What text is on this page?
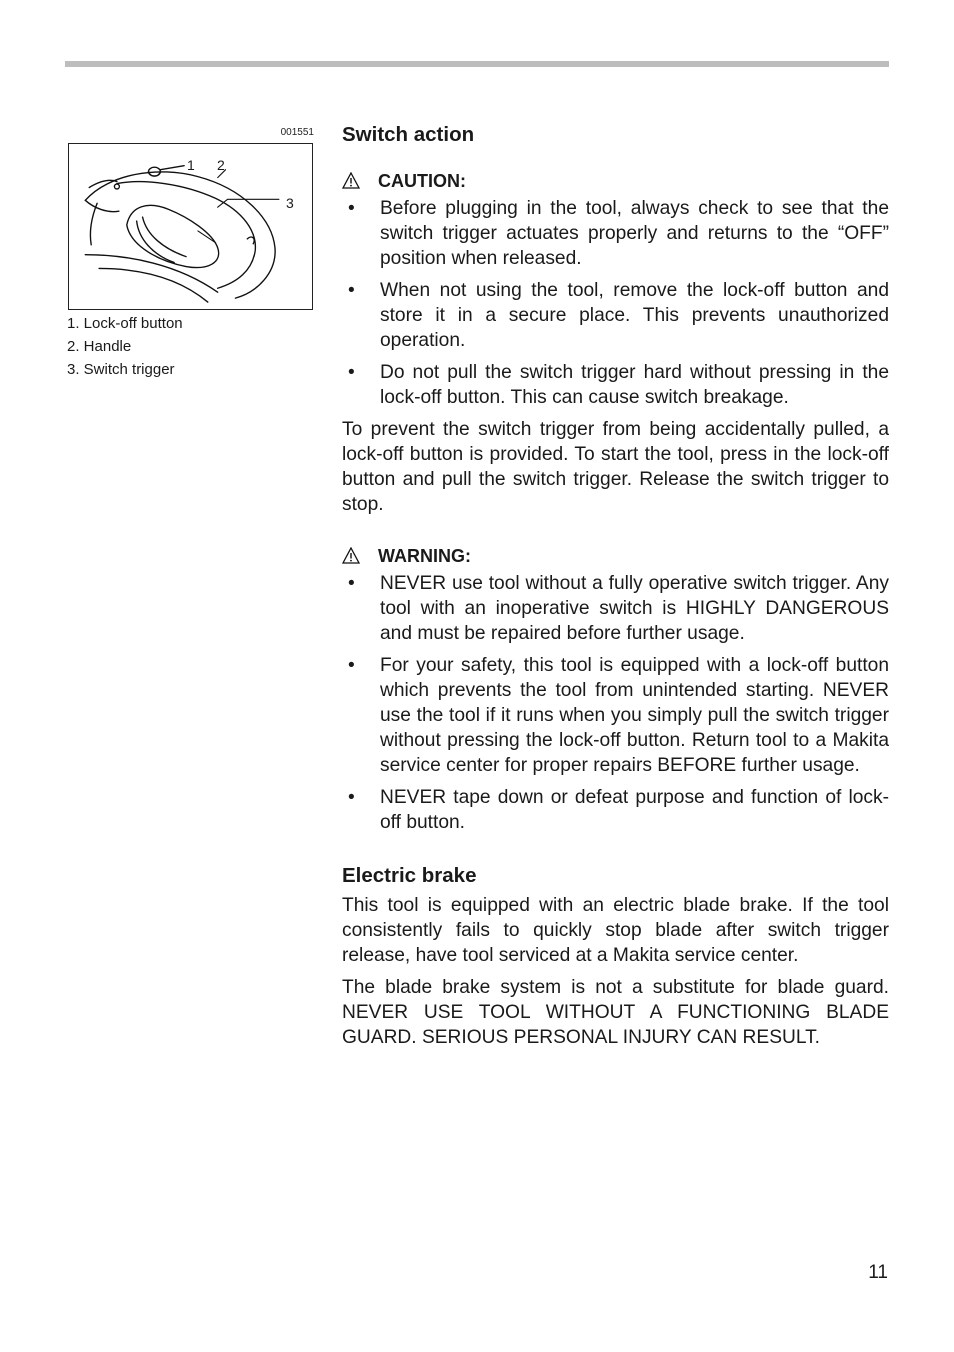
001551
1 2
3
1. Lock-off button
2. Handle
3. Switch trigger
Switch action
CAUTION:
• Before plugging in the tool, always check to see that the switch trigger actuates properly and returns to the “OFF” position when released.
• When not using the tool, remove the lock-off button and store it in a secure place. This prevents unauthorized operation.
• Do not pull the switch trigger hard without pressing in the lock-off button. This can cause switch breakage.

To prevent the switch trigger from being accidentally pulled, a lock-off button is provided. To start the tool, press in the lock-off button and pull the switch trigger. Release the switch trigger to stop.

WARNING:
• NEVER use tool without a fully operative switch trigger. Any tool with an inoperative switch is HIGHLY DANGEROUS and must be repaired before further usage.
• For your safety, this tool is equipped with a lock-off button which prevents the tool from unintended starting. NEVER use the tool if it runs when you simply pull the switch trigger without pressing the lock-off button. Return tool to a Makita service center for proper repairs BEFORE further usage.
• NEVER tape down or defeat purpose and function of lock-off button.
Electric brake

This tool is equipped with an electric blade brake. If the tool consistently fails to quickly stop blade after switch trigger release, have tool serviced at a Makita service center.

The blade brake system is not a substitute for blade guard. NEVER USE TOOL WITHOUT A FUNCTIONING BLADE GUARD. SERIOUS PERSONAL INJURY CAN RESULT.

11
